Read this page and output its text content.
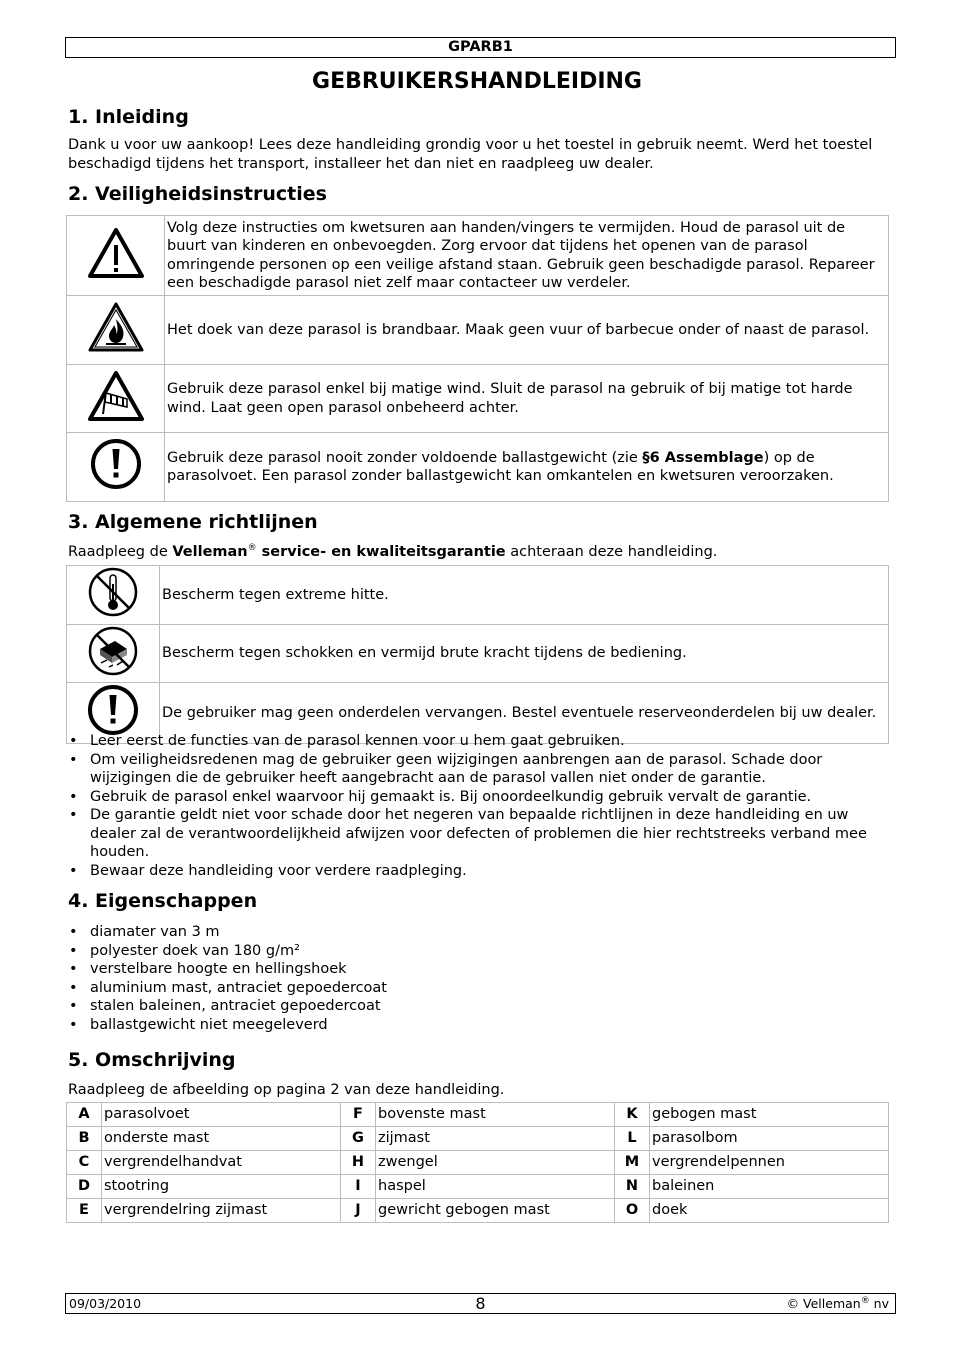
GPARB1
GEBRUIKERSHANDLEIDING
1. Inleiding

Dank u voor uw aankoop! Lees deze handleiding grondig voor u het toestel in gebruik neemt. Werd het toestel beschadigd tijdens het transport, installeer het dan niet en raadpleeg uw dealer.

2. Veiligheidsinstructies
	Volg deze instructies om kwetsuren aan handen/vingers te vermijden. Houd de parasol uit de buurt van kinderen en onbevoegden. Zorg ervoor dat tijdens het openen van de parasol omringende personen op een veilige afstand staan. Gebruik geen beschadigde parasol. Repareer een beschadigde parasol niet zelf maar contacteer uw verdeler.
	Het doek van deze parasol is brandbaar. Maak geen vuur of barbecue onder of naast de parasol.
	Gebruik deze parasol enkel bij matige wind. Sluit de parasol na gebruik of bij matige tot harde wind. Laat geen open parasol onbeheerd achter.
	Gebruik deze parasol nooit zonder voldoende ballastgewicht (zie §6 Assemblage) op de parasolvoet. Een parasol zonder ballastgewicht kan omkantelen en kwetsuren veroorzaken.
3. Algemene richtlijnen

Raadpleeg de Velleman® service- en kwaliteitsgarantie achteraan deze handleiding.

	Bescherm tegen extreme hitte.
	Bescherm tegen schokken en vermijd brute kracht tijdens de bediening.
	De gebruiker mag geen onderdelen vervangen. Bestel eventuele reserveonderdelen bij uw dealer.
• Leer eerst de functies van de parasol kennen voor u hem gaat gebruiken.
• Om veiligheidsredenen mag de gebruiker geen wijzigingen aanbrengen aan de parasol. Schade door wijzigingen die de gebruiker heeft aangebracht aan de parasol vallen niet onder de garantie.
• Gebruik de parasol enkel waarvoor hij gemaakt is. Bij onoordeelkundig gebruik vervalt de garantie.
• De garantie geldt niet voor schade door het negeren van bepaalde richtlijnen in deze handleiding en uw dealer zal de verantwoordelijkheid afwijzen voor defecten of problemen die hier rechtstreeks verband mee houden.
• Bewaar deze handleiding voor verdere raadpleging.
4. Eigenschappen
• diamater van 3 m
• polyester doek van 180 g/m²
• verstelbare hoogte en hellingshoek
• aluminium mast, antraciet gepoedercoat
• stalen baleinen, antraciet gepoedercoat
• ballastgewicht niet meegeleverd
5. Omschrijving

Raadpleeg de afbeelding op pagina 2 van deze handleiding.

A	parasolvoet	F	bovenste mast	K	gebogen mast
B	onderste mast	G	zijmast	L	parasolbom
C	vergrendelhandvat	H	zwengel	M	vergrendelpennen
D	stootring	I	haspel	N	baleinen
E	vergrendelring zijmast	J	gewricht gebogen mast	O	doek
09/03/2010	8	© Velleman® nv
